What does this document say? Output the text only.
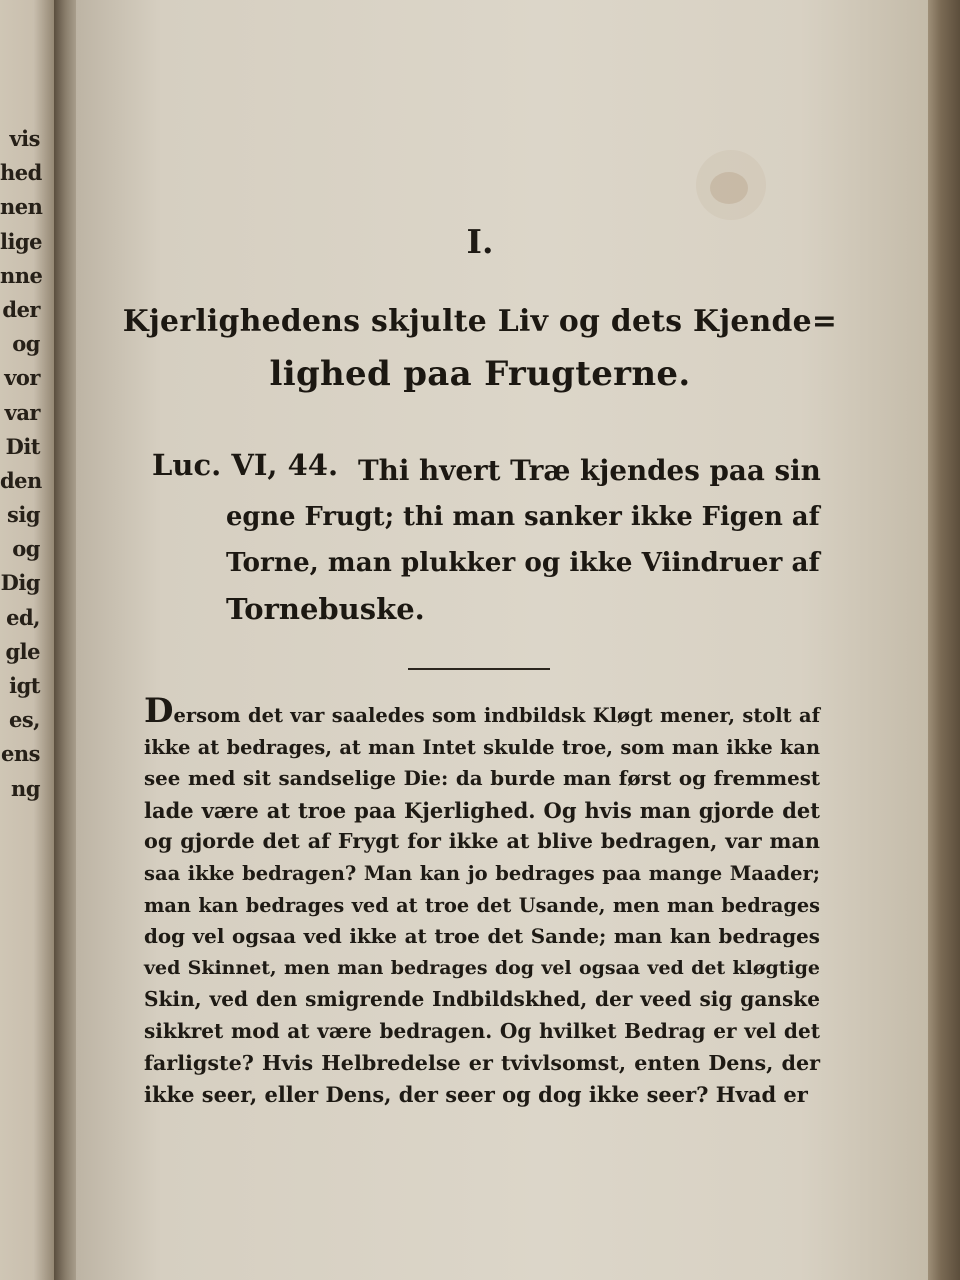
vis
hed
nen
lige
nne
der
og
vor
var
Dit
den
sig
og
Dig
ed,
gle
igt
es,
ens
ng
I.
Kjerlighedens skjulte Liv og dets Kjende=
lighed paa Frugterne.
Luc. VI, 44. Thi hvert Træ kjendes paa sin
egne Frugt; thi man sanker ikke Figen af
Torne, man plukker og ikke Viindruer af
Tornebuske.
Dersom det var saaledes som indbildsk Kløgt mener, stolt af
ikke at bedrages, at man Intet skulde troe, som man ikke kan
see med sit sandselige Die: da burde man først og fremmest
lade være at troe paa Kjerlighed. Og hvis man gjorde det
og gjorde det af Frygt for ikke at blive bedragen, var man
saa ikke bedragen? Man kan jo bedrages paa mange Maader;
man kan bedrages ved at troe det Usande, men man bedrages
dog vel ogsaa ved ikke at troe det Sande; man kan bedrages
ved Skinnet, men man bedrages dog vel ogsaa ved det kløgtige
Skin, ved den smigrende Indbildskhed, der veed sig ganske
sikkret mod at være bedragen. Og hvilket Bedrag er vel det
farligste? Hvis Helbredelse er tvivlsomst, enten Dens, der
ikke seer, eller Dens, der seer og dog ikke seer? Hvad er
